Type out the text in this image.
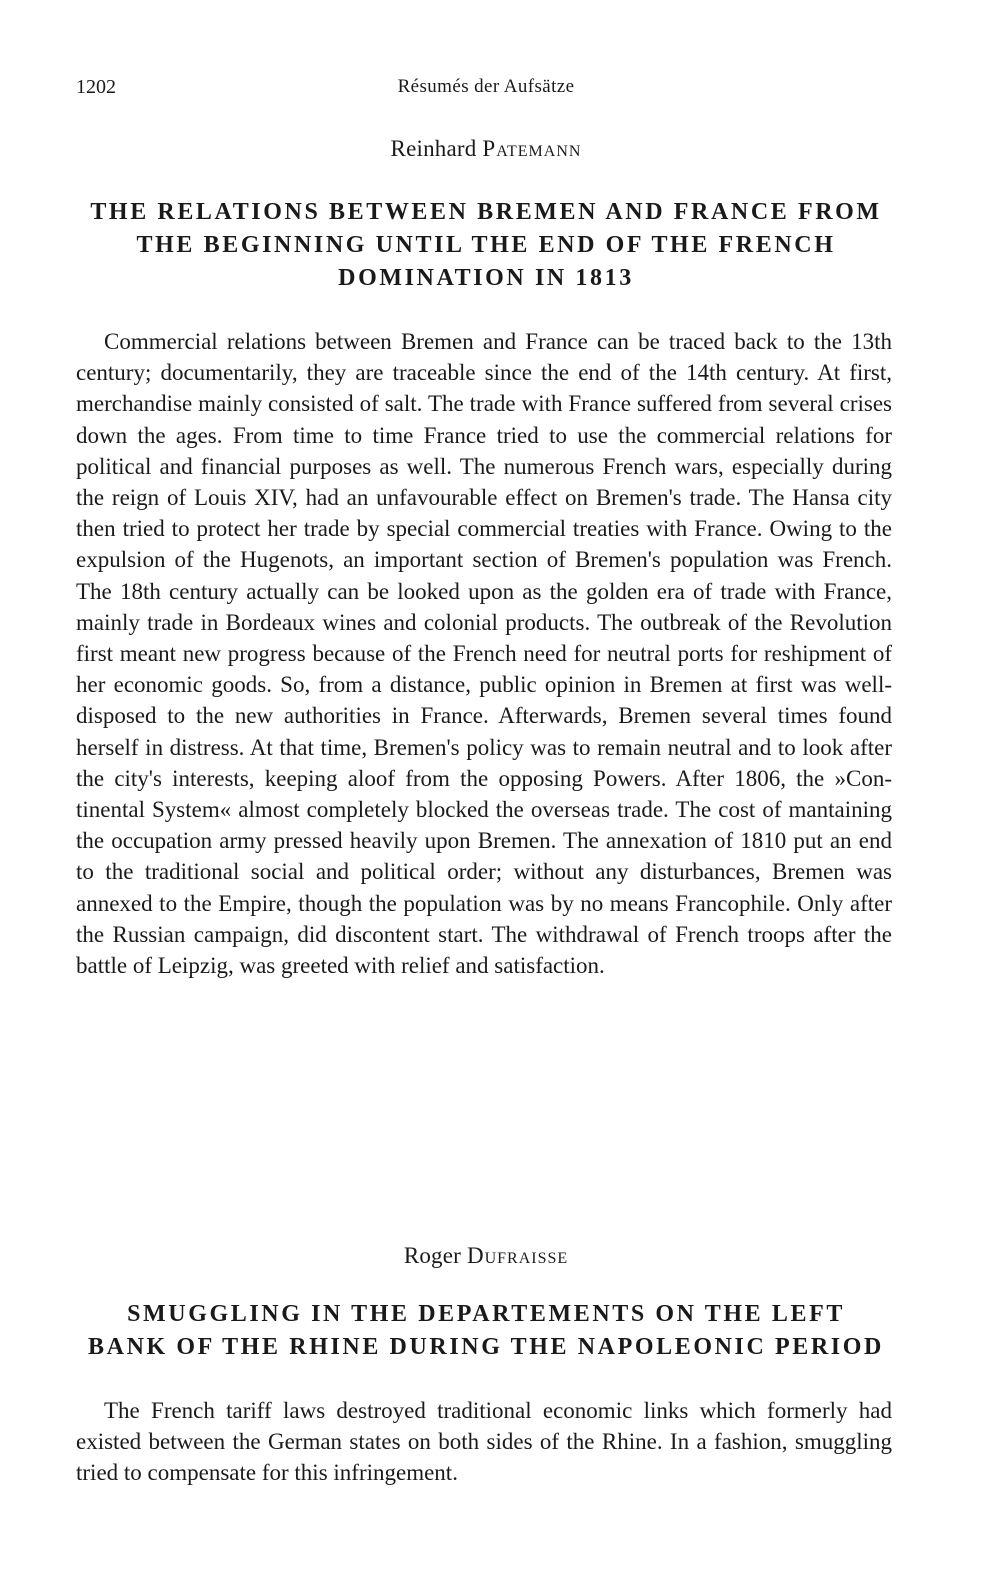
1202	Résumés der Aufsätze
Reinhard Patemann
THE RELATIONS BETWEEN BREMEN AND FRANCE FROM
THE BEGINNING UNTIL THE END OF THE FRENCH
DOMINATION IN 1813

Commercial relations between Bremen and France can be traced back to the 13th century; documentarily, they are traceable since the end of the 14th century. At first, merchandise mainly consisted of salt. The trade with France suffered from several crises down the ages. From time to time France tried to use the commercial relations for political and financial purposes as well. The numerous French wars, especially during the reign of Louis XIV, had an unfavourable effect on Bremen's trade. The Hansa city then tried to protect her trade by special commercial treaties with France. Owing to the expulsion of the Hugenots, an important section of Bremen's population was French. The 18th century actually can be looked upon as the golden era of trade with France, mainly trade in Bordeaux wines and colonial products. The outbreak of the Revolution first meant new progress because of the French need for neutral ports for reshipment of her economic goods. So, from a distance, public opinion in Bremen at first was well-disposed to the new authorities in France. Afterwards, Bremen several times found herself in distress. At that time, Bremen's policy was to remain neutral and to look after the city's interests, keeping aloof from the opposing Powers. After 1806, the »Continental System« almost completely blocked the overseas trade. The cost of mantaining the occupation army pressed heavily upon Bremen. The annexation of 1810 put an end to the traditional social and political order; without any disturbances, Bremen was annexed to the Empire, though the population was by no means Francophile. Only after the Russian campaign, did discontent start. The withdrawal of French troops after the battle of Leipzig, was greeted with relief and satisfaction.

Roger Dufraisse
SMUGGLING IN THE DEPARTEMENTS ON THE LEFT
BANK OF THE RHINE DURING THE NAPOLEONIC PERIOD

The French tariff laws destroyed traditional economic links which formerly had existed between the German states on both sides of the Rhine. In a fashion, smuggling tried to compensate for this infringement.
